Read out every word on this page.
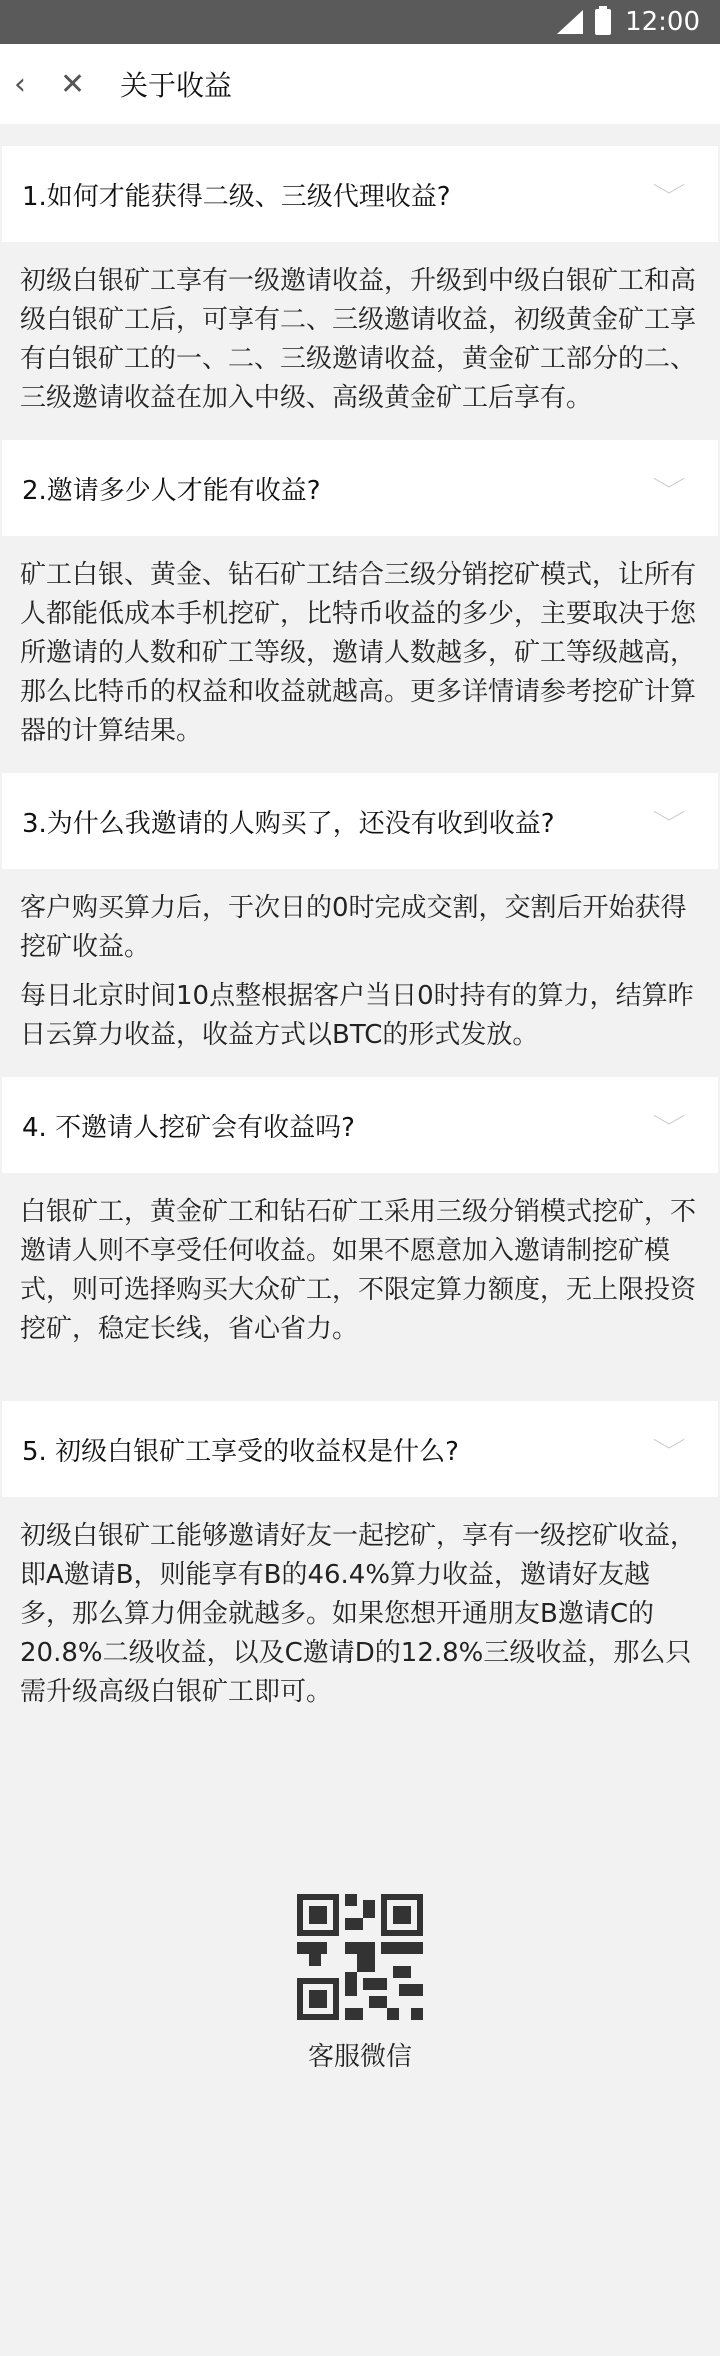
12:00
‹	✕	关于收益
1.如何才能获得二级、三级代理收益?	﹀

初级白银矿工享有一级邀请收益，升级到中级白银矿工和高级白银矿工后，可享有二、三级邀请收益，初级黄金矿工享有白银矿工的一、二、三级邀请收益，黄金矿工部分的二、三级邀请收益在加入中级、高级黄金矿工后享有。

2.邀请多少人才能有收益?	﹀

矿工白银、黄金、钻石矿工结合三级分销挖矿模式，让所有人都能低成本手机挖矿，比特币收益的多少，主要取决于您所邀请的人数和矿工等级，邀请人数越多，矿工等级越高，那么比特币的权益和收益就越高。更多详情请参考挖矿计算器的计算结果。

3.为什么我邀请的人购买了，还没有收到收益?	﹀

客户购买算力后，于次日的0时完成交割，交割后开始获得挖矿收益。

每日北京时间10点整根据客户当日0时持有的算力，结算昨日云算力收益，收益方式以BTC的形式发放。

4. 不邀请人挖矿会有收益吗?	﹀

白银矿工，黄金矿工和钻石矿工采用三级分销模式挖矿，不邀请人则不享受任何收益。如果不愿意加入邀请制挖矿模式，则可选择购买大众矿工，不限定算力额度，无上限投资挖矿，稳定长线，省心省力。

5. 初级白银矿工享受的收益权是什么?	﹀

初级白银矿工能够邀请好友一起挖矿，享有一级挖矿收益，即A邀请B，则能享有B的46.4%算力收益，邀请好友越多，那么算力佣金就越多。如果您想开通朋友B邀请C的20.8%二级收益，以及C邀请D的12.8%三级收益，那么只需升级高级白银矿工即可。

客服微信
